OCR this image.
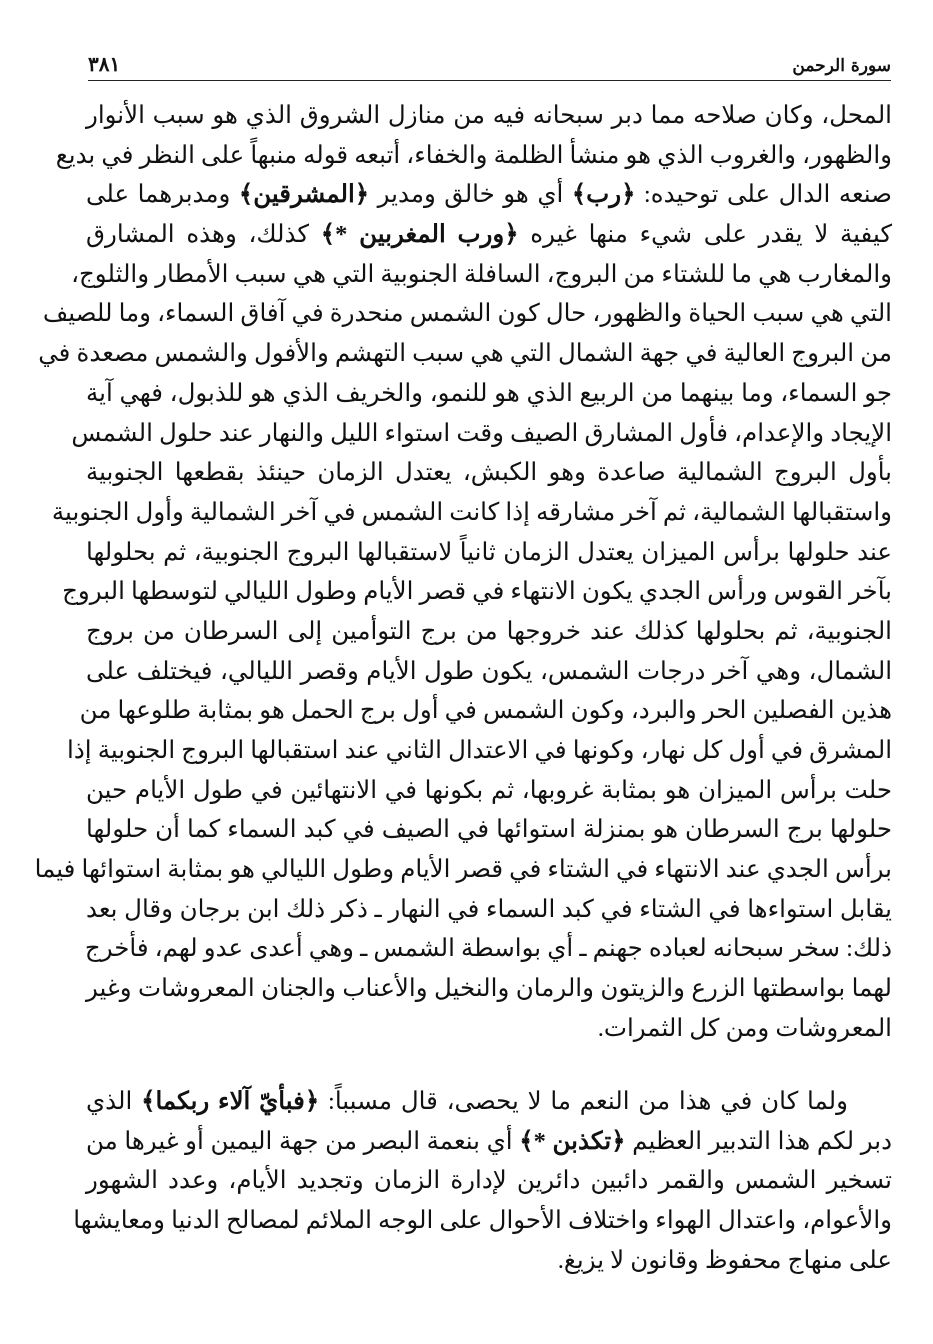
سورة الرحمن
٣٨١
المحل، وكان صلاحه مما دبر سبحانه فيه من منازل الشروق الذي هو سبب الأنوار
والظهور، والغروب الذي هو منشأ الظلمة والخفاء، أتبعه قوله منبهاً على النظر في بديع
صنعه الدال على توحيده: ﴿رب﴾ أي هو خالق ومدير ﴿المشرقين﴾ ومدبرهما على
كيفية لا يقدر على شيء منها غيره ﴿ورب المغربين *﴾ كذلك، وهذه المشارق
والمغارب هي ما للشتاء من البروج، السافلة الجنوبية التي هي سبب الأمطار والثلوج،
التي هي سبب الحياة والظهور، حال كون الشمس منحدرة في آفاق السماء، وما للصيف
من البروج العالية في جهة الشمال التي هي سبب التهشم والأفول والشمس مصعدة في
جو السماء، وما بينهما من الربيع الذي هو للنمو، والخريف الذي هو للذبول، فهي آية
الإيجاد والإعدام، فأول المشارق الصيف وقت استواء الليل والنهار عند حلول الشمس
بأول البروج الشمالية صاعدة وهو الكبش، يعتدل الزمان حينئذ بقطعها الجنوبية
واستقبالها الشمالية، ثم آخر مشارقه إذا كانت الشمس في آخر الشمالية وأول الجنوبية
عند حلولها برأس الميزان يعتدل الزمان ثانياً لاستقبالها البروج الجنوبية، ثم بحلولها
بآخر القوس ورأس الجدي يكون الانتهاء في قصر الأيام وطول الليالي لتوسطها البروج
الجنوبية، ثم بحلولها كذلك عند خروجها من برج التوأمين إلى السرطان من بروج
الشمال، وهي آخر درجات الشمس، يكون طول الأيام وقصر الليالي، فيختلف على
هذين الفصلين الحر والبرد، وكون الشمس في أول برج الحمل هو بمثابة طلوعها من
المشرق في أول كل نهار، وكونها في الاعتدال الثاني عند استقبالها البروج الجنوبية إذا
حلت برأس الميزان هو بمثابة غروبها، ثم بكونها في الانتهائين في طول الأيام حين
حلولها برج السرطان هو بمنزلة استوائها في الصيف في كبد السماء كما أن حلولها
برأس الجدي عند الانتهاء في الشتاء في قصر الأيام وطول الليالي هو بمثابة استوائها فيما
يقابل استواءها في الشتاء في كبد السماء في النهار ـ ذكر ذلك ابن برجان وقال بعد
ذلك: سخر سبحانه لعباده جهنم ـ أي بواسطة الشمس ـ وهي أعدى عدو لهم، فأخرج
لهما بواسطتها الزرع والزيتون والرمان والنخيل والأعناب والجنان المعروشات وغير
المعروشات ومن كل الثمرات.
ولما كان في هذا من النعم ما لا يحصى، قال مسبباً: ﴿فبأيّ آلاء ربكما﴾ الذي
دبر لكم هذا التدبير العظيم ﴿تكذبن *﴾ أي بنعمة البصر من جهة اليمين أو غيرها من
تسخير الشمس والقمر دائبين دائرين لإدارة الزمان وتجديد الأيام، وعدد الشهور
والأعوام، واعتدال الهواء واختلاف الأحوال على الوجه الملائم لمصالح الدنيا ومعايشها
على منهاج محفوظ وقانون لا يزيغ.
